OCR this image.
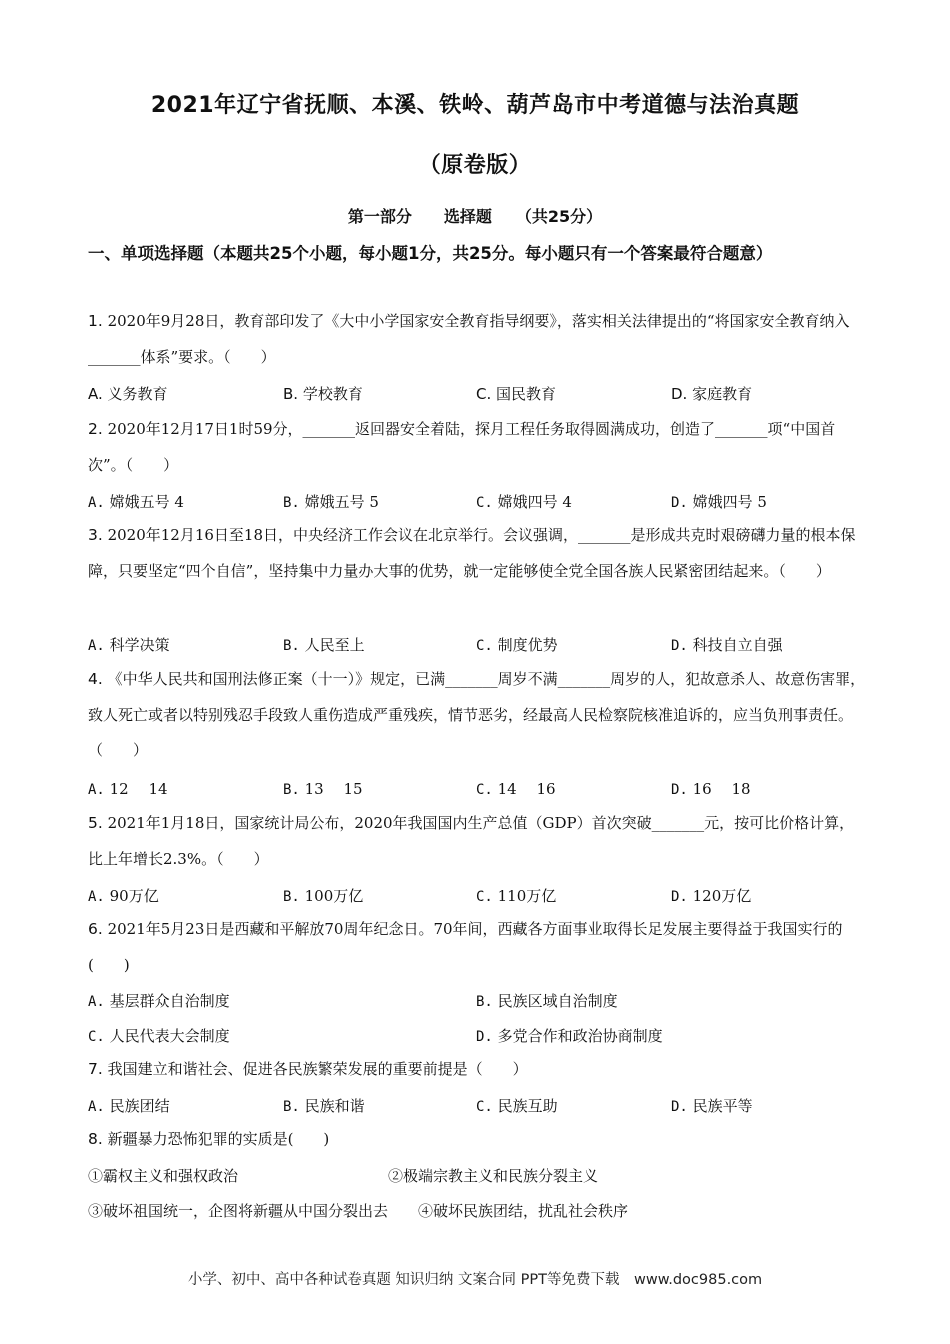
2021年辽宁省抚顺、本溪、铁岭、葫芦岛市中考道德与法治真题
（原卷版）
第一部分　　选择题　　（共25分）
一、单项选择题（本题共25个小题，每小题1分，共25分。每小题只有一个答案最符合题意）
1. 2020年9月28日，教育部印发了《大中小学国家安全教育指导纲要》，落实相关法律提出的“将国家安全教育纳入_______体系”要求。（　　）
A. 义务教育	B. 学校教育	C. 国民教育	D. 家庭教育
2. 2020年12月17日1时59分，_______返回器安全着陆，探月工程任务取得圆满成功，创造了_______项“中国首次”。（　　）
A. 嫦娥五号 4	B. 嫦娥五号 5	C. 嫦娥四号 4	D. 嫦娥四号 5
3. 2020年12月16日至18日，中央经济工作会议在北京举行。会议强调，_______是形成共克时艰磅礴力量的根本保障，只要坚定“四个自信”，坚持集中力量办大事的优势，就一定能够使全党全国各族人民紧密团结起来。（　　）
A. 科学决策	B. 人民至上	C. 制度优势	D. 科技自立自强
4. 《中华人民共和国刑法修正案（十一）》规定，已满_______周岁不满_______周岁的人，犯故意杀人、故意伤害罪，致人死亡或者以特别残忍手段致人重伤造成严重残疾，情节恶劣，经最高人民检察院核准追诉的，应当负刑事责任。（　　）
A. 12　 14	B. 13　 15	C. 14　 16	D. 16　 18
5. 2021年1月18日，国家统计局公布，2020年我国国内生产总值（GDP）首次突破_______元，按可比价格计算，比上年增长2.3%。（　　）
A. 90万亿	B. 100万亿	C. 110万亿	D. 120万亿
6. 2021年5月23日是西藏和平解放70周年纪念日。70年间，西藏各方面事业取得长足发展主要得益于我国实行的(　　)
A. 基层群众自治制度	B. 民族区域自治制度
C. 人民代表大会制度	D. 多党合作和政治协商制度
7. 我国建立和谐社会、促进各民族繁荣发展的重要前提是（　　）
A. 民族团结	B. 民族和谐	C. 民族互助	D. 民族平等
8. 新疆暴力恐怖犯罪的实质是(　　)
①霸权主义和强权政治	②极端宗教主义和民族分裂主义
③破坏祖国统一，企图将新疆从中国分裂出去 ④破坏民族团结，扰乱社会秩序
小学、初中、高中各种试卷真题 知识归纳 文案合同 PPT等免费下载　www.doc985.com
